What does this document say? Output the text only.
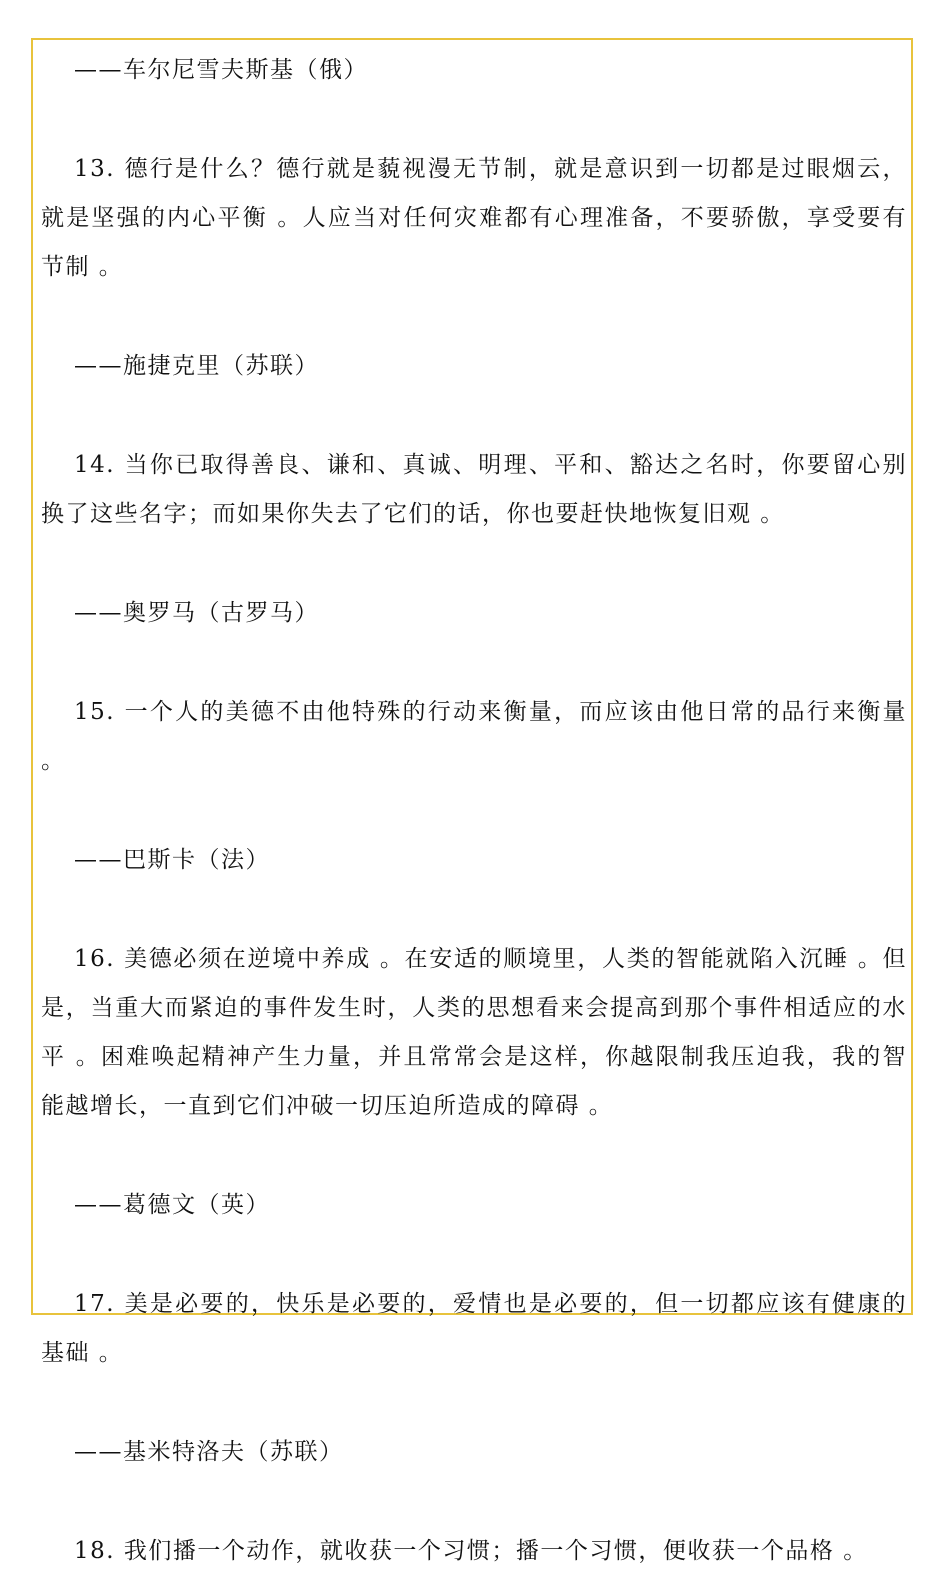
——车尔尼雪夫斯基（俄）

13. 德行是什么？德行就是藐视漫无节制，就是意识到一切都是过眼烟云，就是坚强的内心平衡 。人应当对任何灾难都有心理准备，不要骄傲，享受要有节制 。

——施捷克里（苏联）

14. 当你已取得善良、谦和、真诚、明理、平和、豁达之名时，你要留心别换了这些名字；而如果你失去了它们的话，你也要赶快地恢复旧观 。

——奥罗马（古罗马）

15. 一个人的美德不由他特殊的行动来衡量，而应该由他日常的品行来衡量 。

——巴斯卡（法）

16. 美德必须在逆境中养成 。在安适的顺境里，人类的智能就陷入沉睡 。但是，当重大而紧迫的事件发生时，人类的思想看来会提高到那个事件相适应的水平 。困难唤起精神产生力量，并且常常会是这样，你越限制我压迫我，我的智能越增长，一直到它们冲破一切压迫所造成的障碍 。

——葛德文（英）

17. 美是必要的，快乐是必要的，爱情也是必要的，但一切都应该有健康的基础 。

——基米特洛夫（苏联）

18. 我们播一个动作，就收获一个习惯；播一个习惯，便收获一个品格 。
